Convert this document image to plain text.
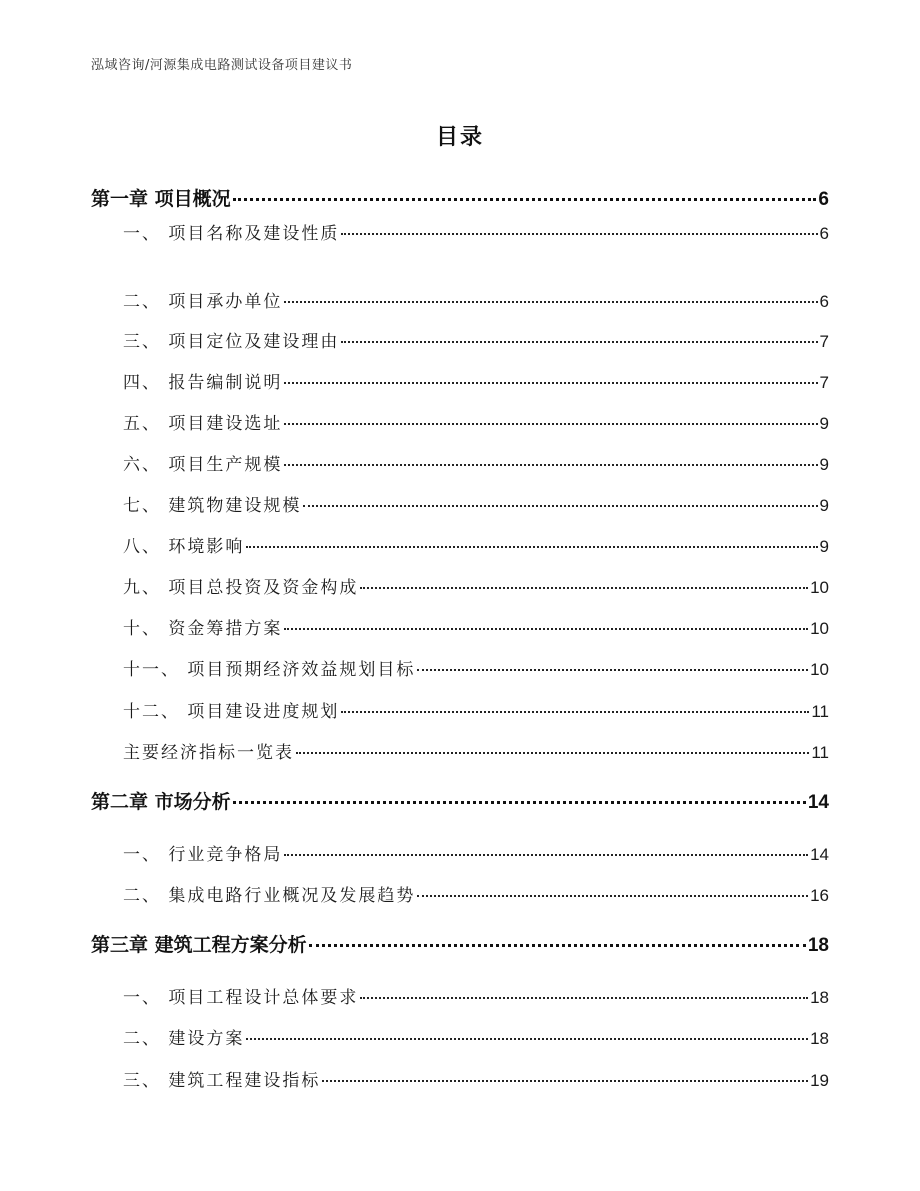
泓域咨询/河源集成电路测试设备项目建议书
目录
第一章 项目概况	6
一、 项目名称及建设性质	6
二、 项目承办单位	6
三、 项目定位及建设理由	7
四、 报告编制说明	7
五、 项目建设选址	9
六、 项目生产规模	9
七、 建筑物建设规模	9
八、 环境影响	9
九、 项目总投资及资金构成	10
十、 资金筹措方案	10
十一、 项目预期经济效益规划目标	10
十二、 项目建设进度规划	11
主要经济指标一览表	11
第二章 市场分析	14
一、 行业竞争格局	14
二、 集成电路行业概况及发展趋势	16
第三章 建筑工程方案分析	18
一、 项目工程设计总体要求	18
二、 建设方案	18
三、 建筑工程建设指标	19
